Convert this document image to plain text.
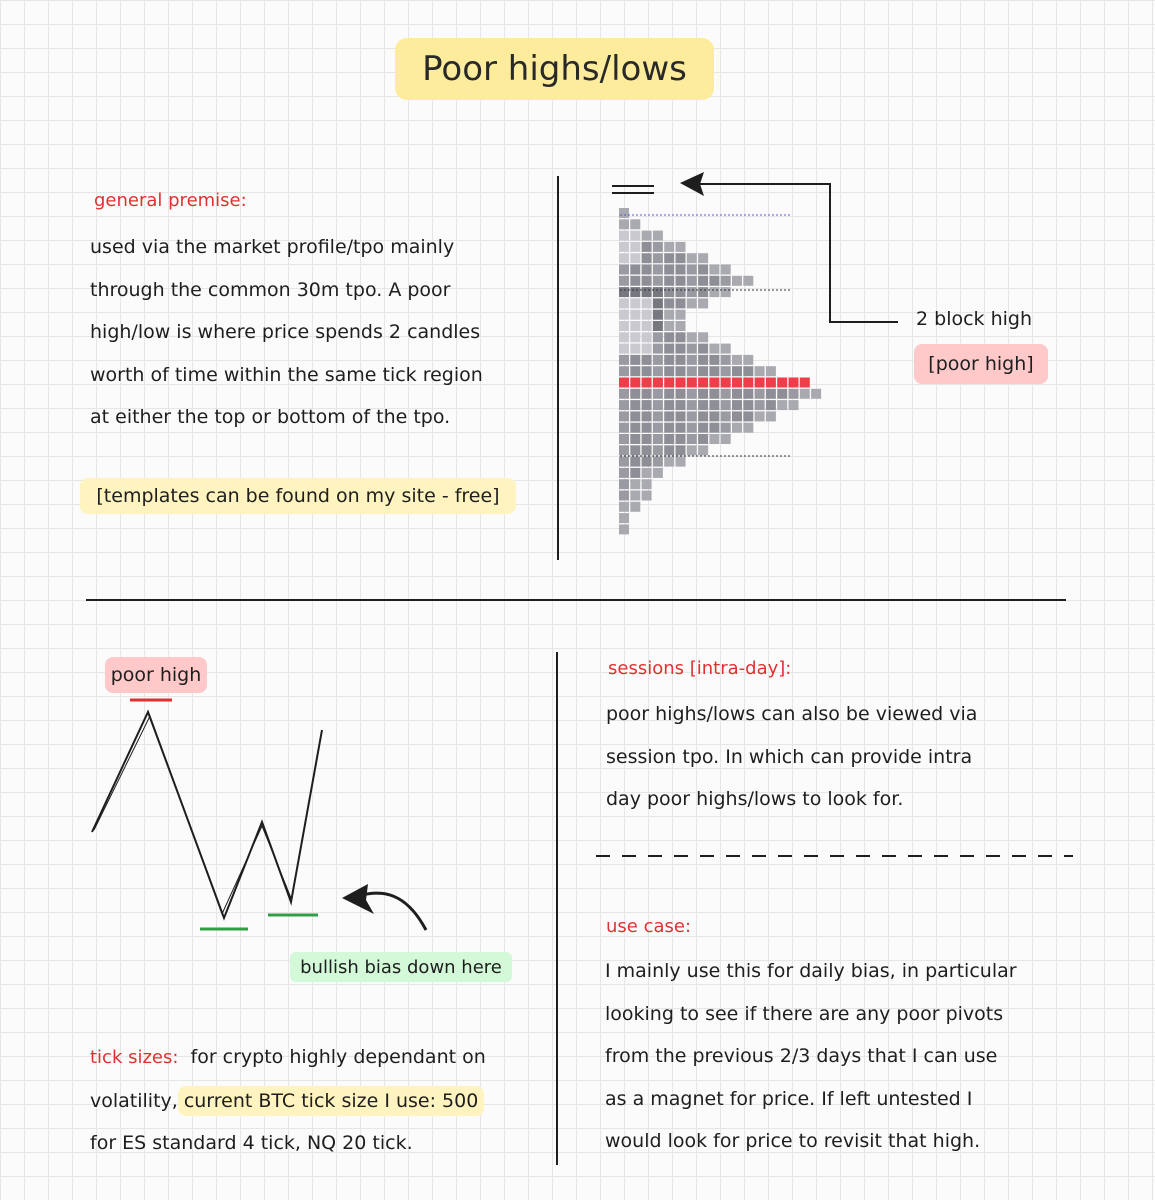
Poor highs/lows
general premise:
used via the market profile/tpo mainly
through the common 30m tpo. A poor
high/low is where price spends 2 candles
worth of time within the same tick region
at either the top or bottom of the tpo.
[templates can be found on my site - free]
2 block high
[poor high]
poor high
bullish bias down here
tick sizes: for crypto highly dependant on
volatility, current BTC tick size I use: 500
for ES standard 4 tick, NQ 20 tick.
sessions [intra-day]:
poor highs/lows can also be viewed via
session tpo. In which can provide intra
day poor highs/lows to look for.
use case:
I mainly use this for daily bias, in particular
looking to see if there are any poor pivots
from the previous 2/3 days that I can use
as a magnet for price. If left untested I
would look for price to revisit that high.
